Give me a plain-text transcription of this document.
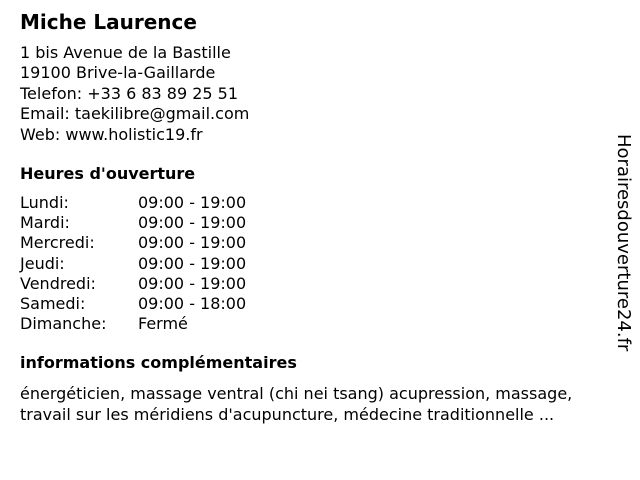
Miche Laurence
1 bis Avenue de la Bastille
19100 Brive-la-Gaillarde
Telefon: +33 6 83 89 25 51
Email: taekilibre@gmail.com
Web: www.holistic19.fr
Heures d'ouverture
Lundi:	09:00 - 19:00
Mardi:	09:00 - 19:00
Mercredi:	09:00 - 19:00
Jeudi:	09:00 - 19:00
Vendredi:	09:00 - 19:00
Samedi:	09:00 - 18:00
Dimanche: Fermé
informations complémentaires
énergéticien, massage ventral (chi nei tsang) acupression, massage,
travail sur les méridiens d'acupuncture, médecine traditionnelle ...
Horairesdouverture24.fr
